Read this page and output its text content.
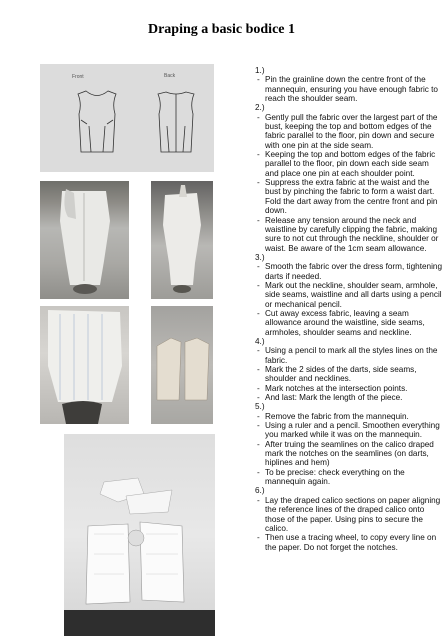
Draping a basic bodice 1
Front	Back
1.)
- Pin the grainline down the centre front of the mannequin, ensuring you have enough fabric to reach the shoulder seam.
2.)
- Gently pull the fabric over the largest part of the bust, keeping the top and bottom edges of the fabric parallel to the floor, pin down and secure with one pin at the side seam.
- Keeping the top and bottom edges of the fabric parallel to the floor, pin down each side seam and place one pin at each shoulder point.
- Suppress the extra fabric at the waist and the bust by pinching the fabric to form a waist dart. Fold the dart away from the centre front and pin down.
- Release any tension around the neck and waistline by carefully clipping the fabric, making sure to not cut through the neckline, shoulder or waist. Be aware of the 1cm seam allowance.
3.)
- Smooth the fabric over the dress form, tightening darts if needed.
- Mark out the neckline, shoulder seam, armhole, side seams, waistline and all darts using a pencil or mechanical pencil.
- Cut away excess fabric, leaving a seam allowance around the waistline, side seams, armholes, shoulder seams and neckline.
4.)
- Using a pencil to mark all the styles lines on the fabric.
- Mark the 2 sides of the darts, side seams, shoulder and necklines.
- Mark notches at the intersection points.
- And last: Mark the length of the piece.
5.)
- Remove the fabric from the mannequin.
- Using a ruler and a pencil. Smoothen everything you marked while it was on the mannequin.
- After truing the seamlines on the calico draped mark the notches on the seamlines (on darts, hiplines and hem)
- To be precise: check everything on the mannequin again.
6.)
- Lay the draped calico sections on paper aligning the reference lines of the draped calico onto those of the paper. Using pins to secure the calico.
- Then use a tracing wheel, to copy every line on the paper. Do not forget the notches.
